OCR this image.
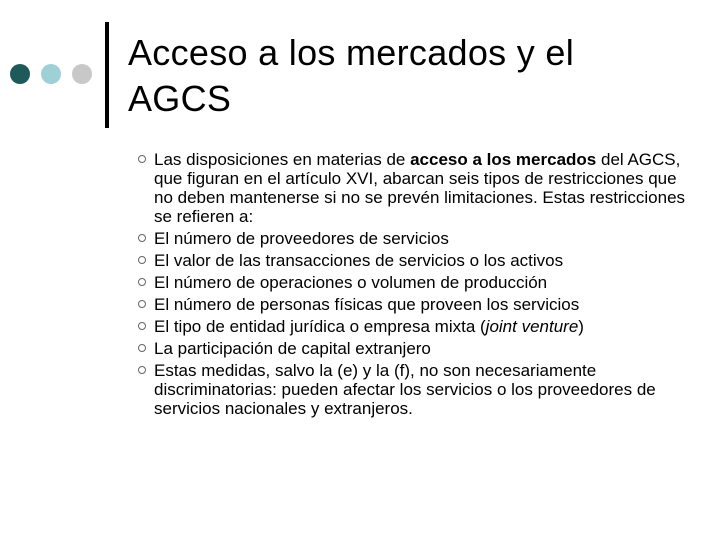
Acceso a los mercados y el
AGCS
Las disposiciones en materias de acceso a los mercados del AGCS, que figuran en el artículo XVI, abarcan seis tipos de restricciones que no deben mantenerse si no se prevén limitaciones. Estas restricciones se refieren a:
El número de proveedores de servicios
El valor de las transacciones de servicios o los activos
El número de operaciones o volumen de producción
El número de personas físicas que proveen los servicios
El tipo de entidad jurídica o empresa mixta (joint venture)
La participación de capital extranjero
Estas medidas, salvo la (e) y la (f), no son necesariamente discriminatorias: pueden afectar los servicios o los proveedores de servicios nacionales y extranjeros.
